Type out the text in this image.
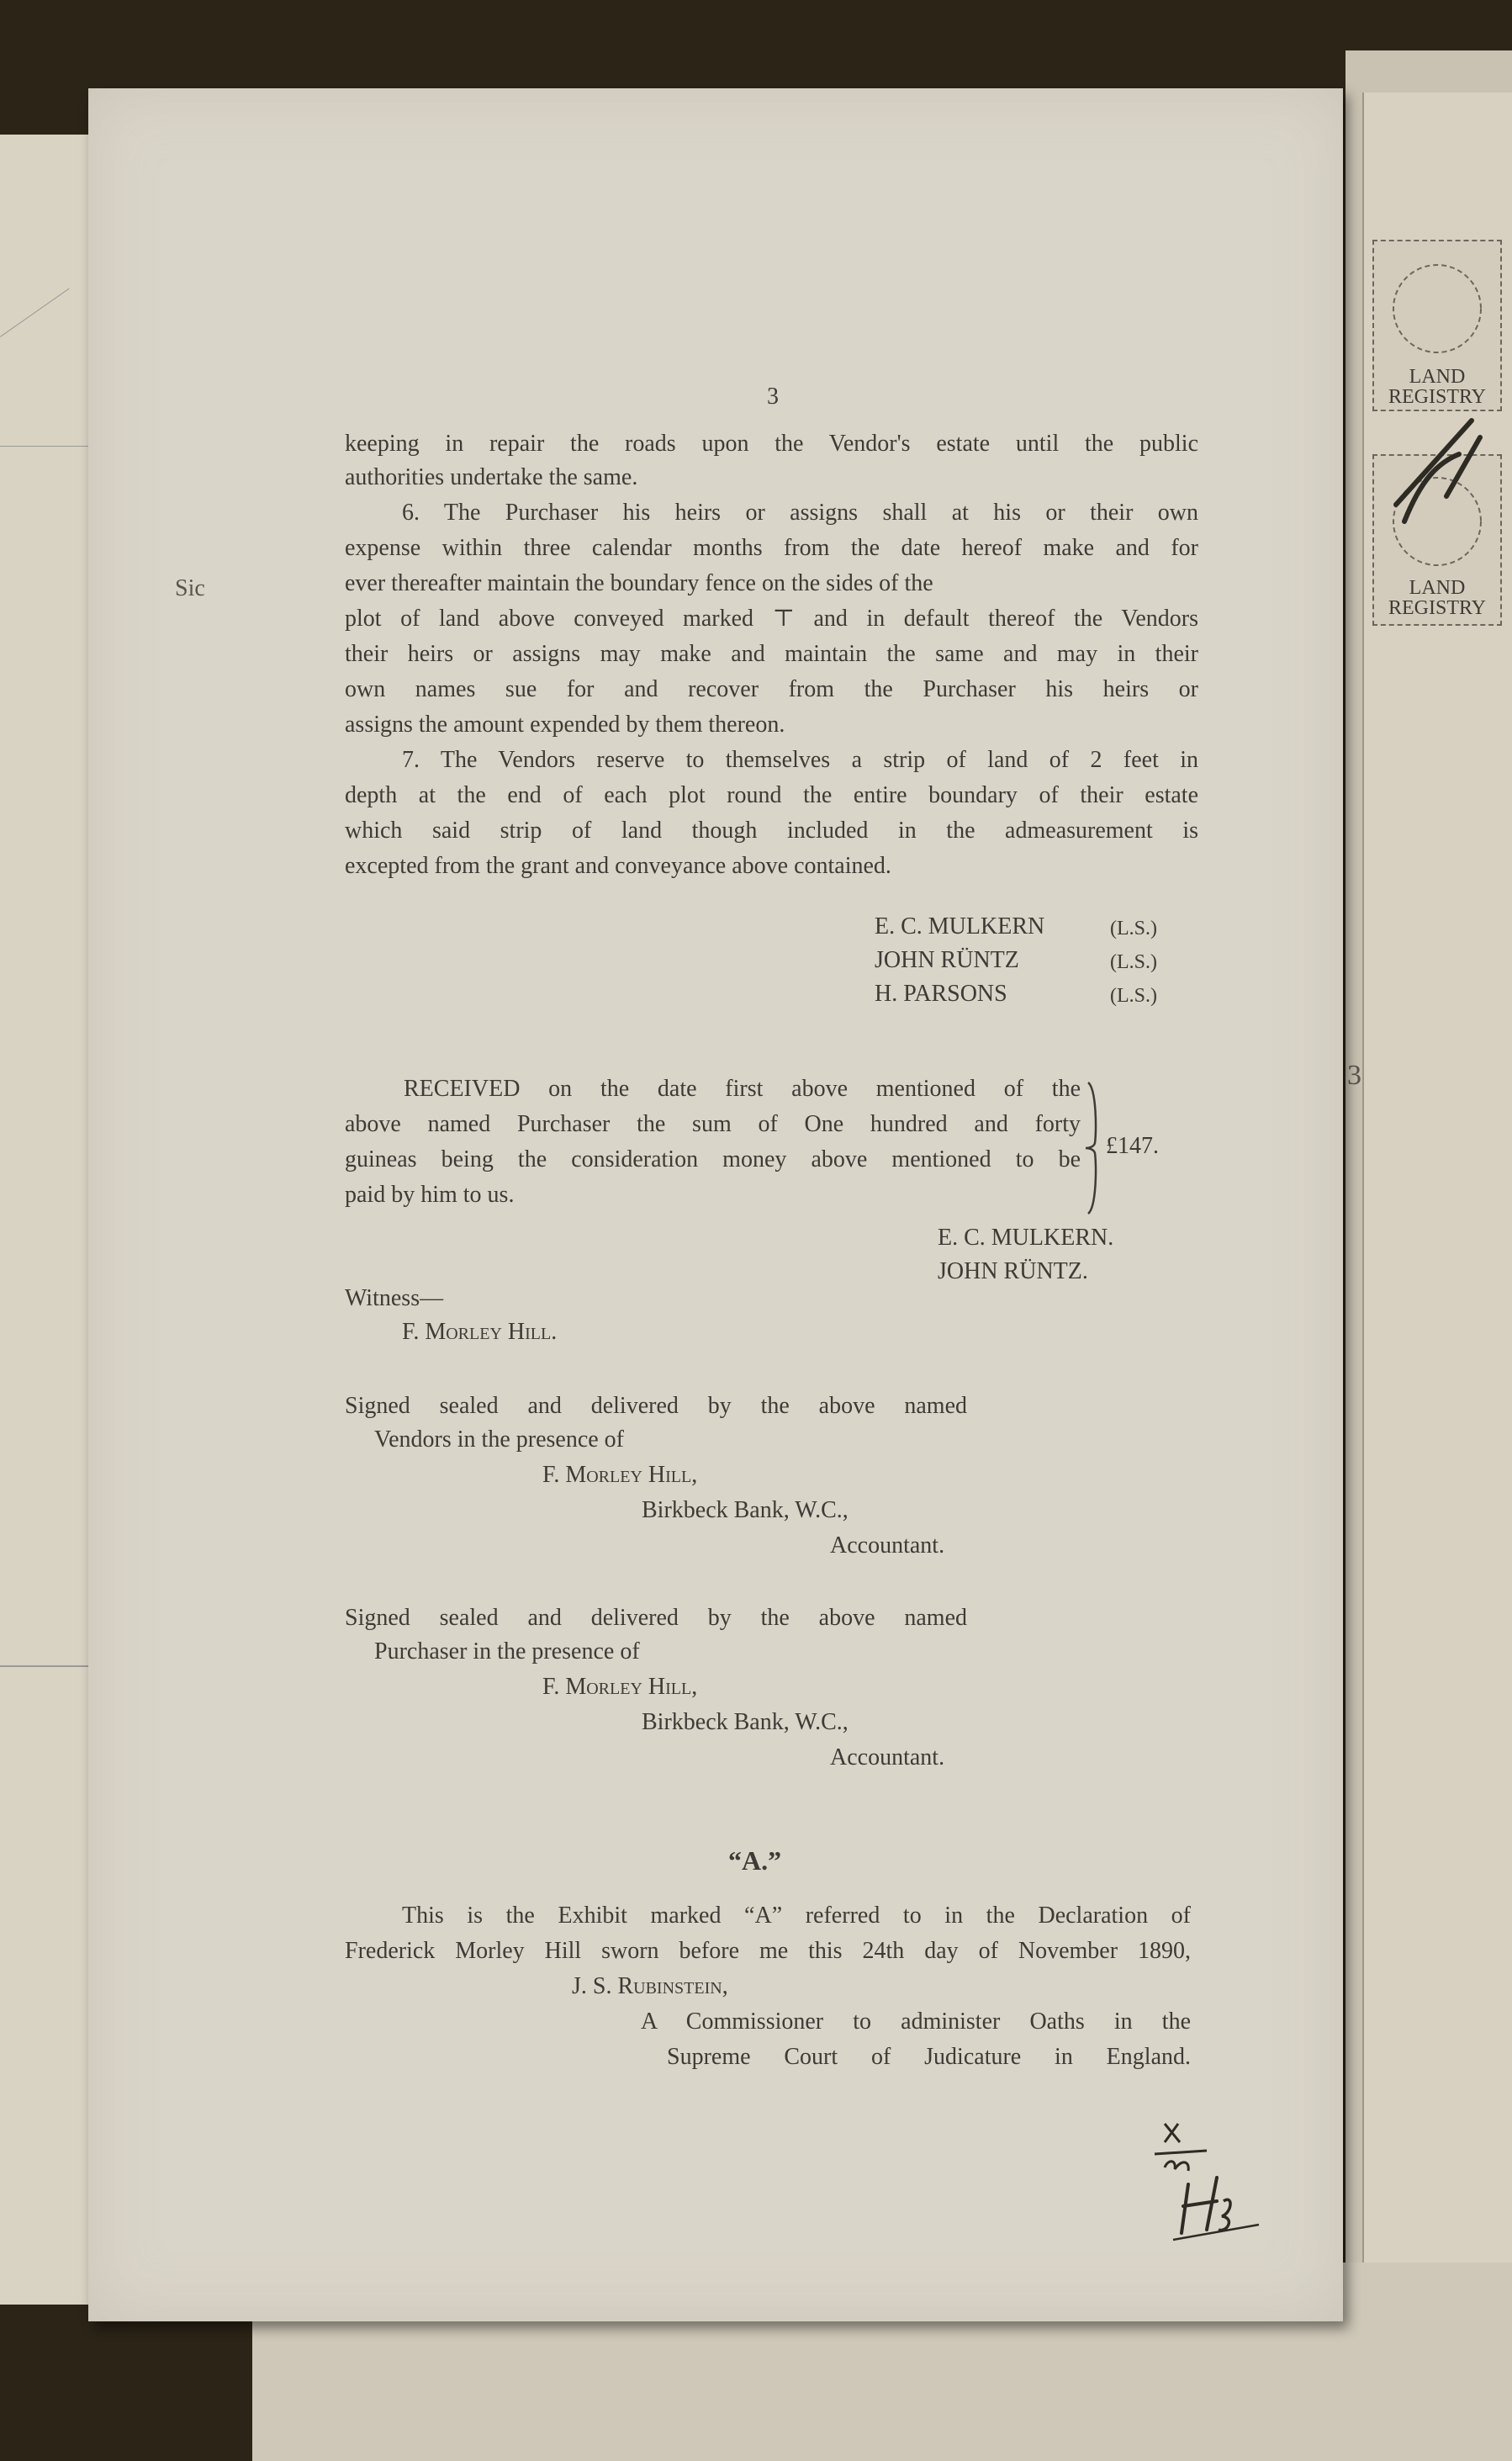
LAND
REGISTRY
LAND
REGISTRY
3
Sic
3
keeping in repair the roads upon the Vendor's estate until the public
authorities undertake the same.
6. The Purchaser his heirs or assigns shall at his or their own
expense within three calendar months from the date hereof make and for
ever thereafter maintain the boundary fence on the sides of the
plot of land above conveyed marked ⊤ and in default thereof the Vendors
their heirs or assigns may make and maintain the same and may in their
own names sue for and recover from the Purchaser his heirs or
assigns the amount expended by them thereon.
7. The Vendors reserve to themselves a strip of land of 2 feet in
depth at the end of each plot round the entire boundary of their estate
which said strip of land though included in the admeasurement is
excepted from the grant and conveyance above contained.
E. C. MULKERN	(L.S.)
JOHN RÜNTZ	(L.S.)
H. PARSONS	(L.S.)
RECEIVED on the date first above mentioned of the
above named Purchaser the sum of One hundred and forty
guineas being the consideration money above mentioned to be
paid by him to us.
£147.
E. C. MULKERN.
JOHN RÜNTZ.
Witness—
F. Morley Hill.
Signed sealed and delivered by the above named
Vendors in the presence of
F. Morley Hill,
Birkbeck Bank, W.C.,
Accountant.
Signed sealed and delivered by the above named
Purchaser in the presence of
F. Morley Hill,
Birkbeck Bank, W.C.,
Accountant.
“A.”
This is the Exhibit marked “A” referred to in the Declaration of
Frederick Morley Hill sworn before me this 24th day of November 1890,
J. S. Rubinstein,
A Commissioner to administer Oaths in the
Supreme Court of Judicature in England.
